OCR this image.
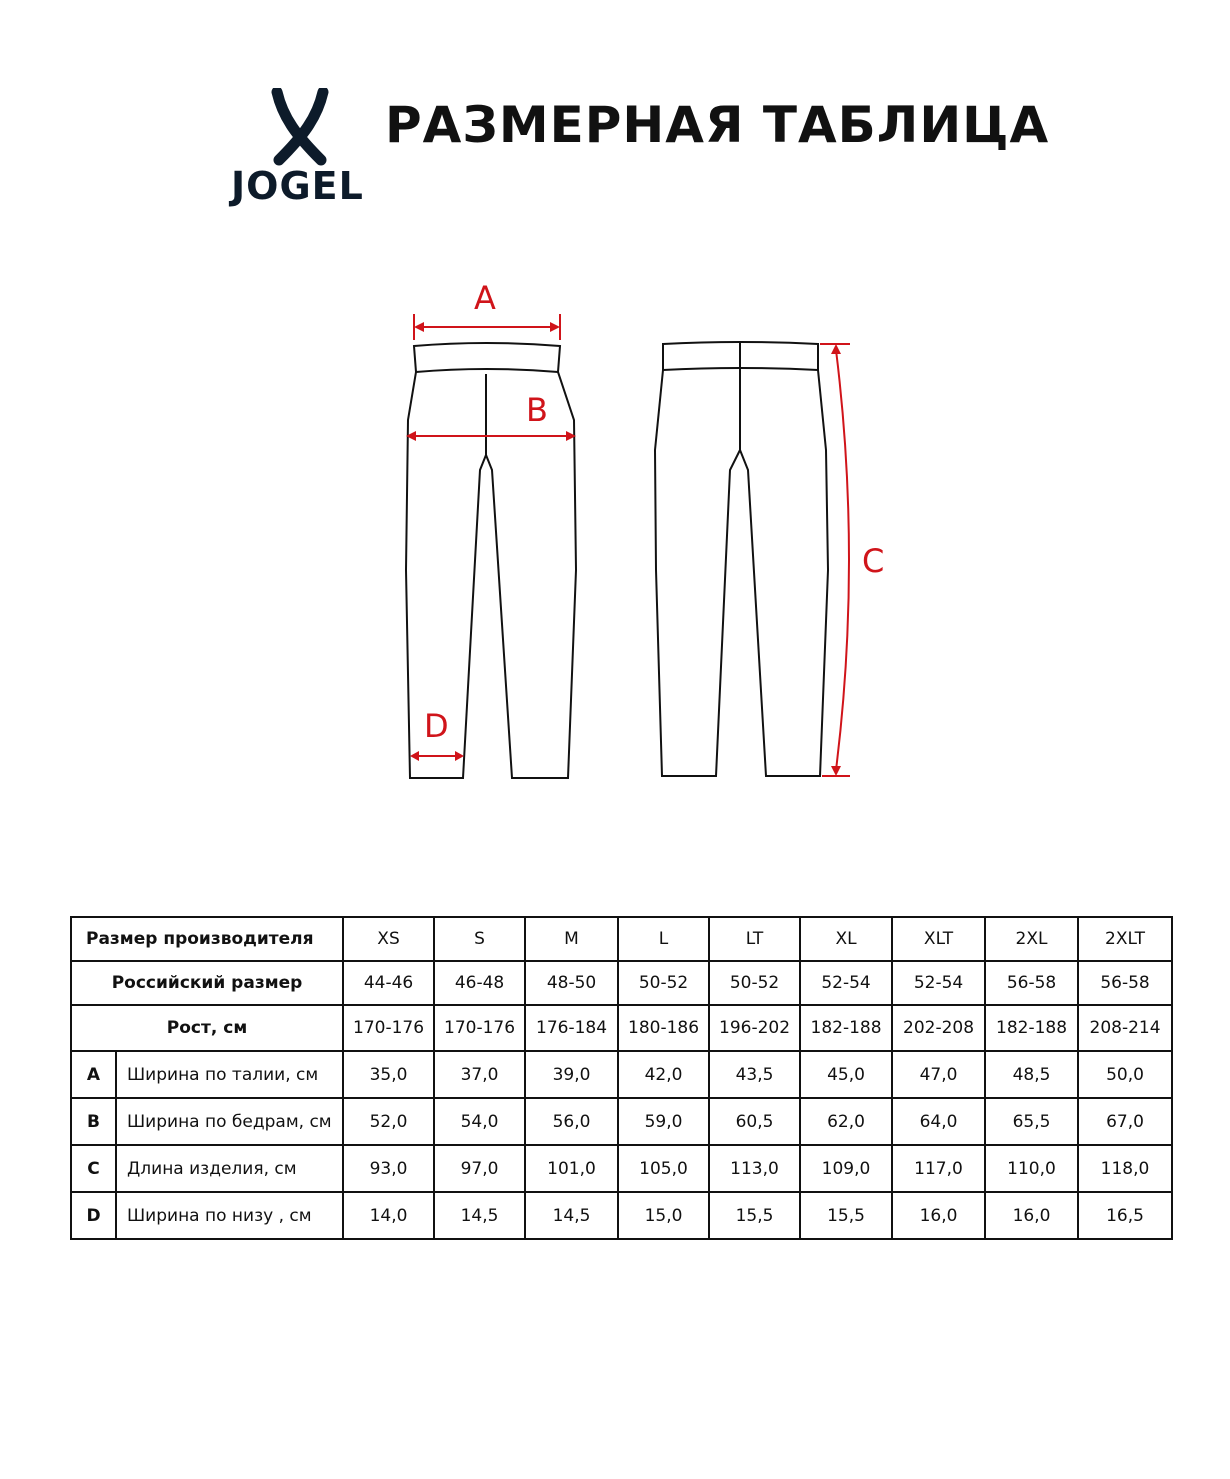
JOGEL
РАЗМЕРНАЯ ТАБЛИЦА
A
B
C
D
Размер производителя		XS	S	M	L	LT	XL	XLT	2XL	2XLT
Российский размер		44-46	46-48	48-50	50-52	50-52	52-54	52-54	56-58	56-58
Рост, см		170-176	170-176	176-184	180-186	196-202	182-188	202-208	182-188	208-214
A	Ширина по талии, см	35,0	37,0	39,0	42,0	43,5	45,0	47,0	48,5	50,0
B	Ширина по бедрам, см	52,0	54,0	56,0	59,0	60,5	62,0	64,0	65,5	67,0
C	Длина изделия, см	93,0	97,0	101,0	105,0	113,0	109,0	117,0	110,0	118,0
D	Ширина по низу , см	14,0	14,5	14,5	15,0	15,5	15,5	16,0	16,0	16,5
